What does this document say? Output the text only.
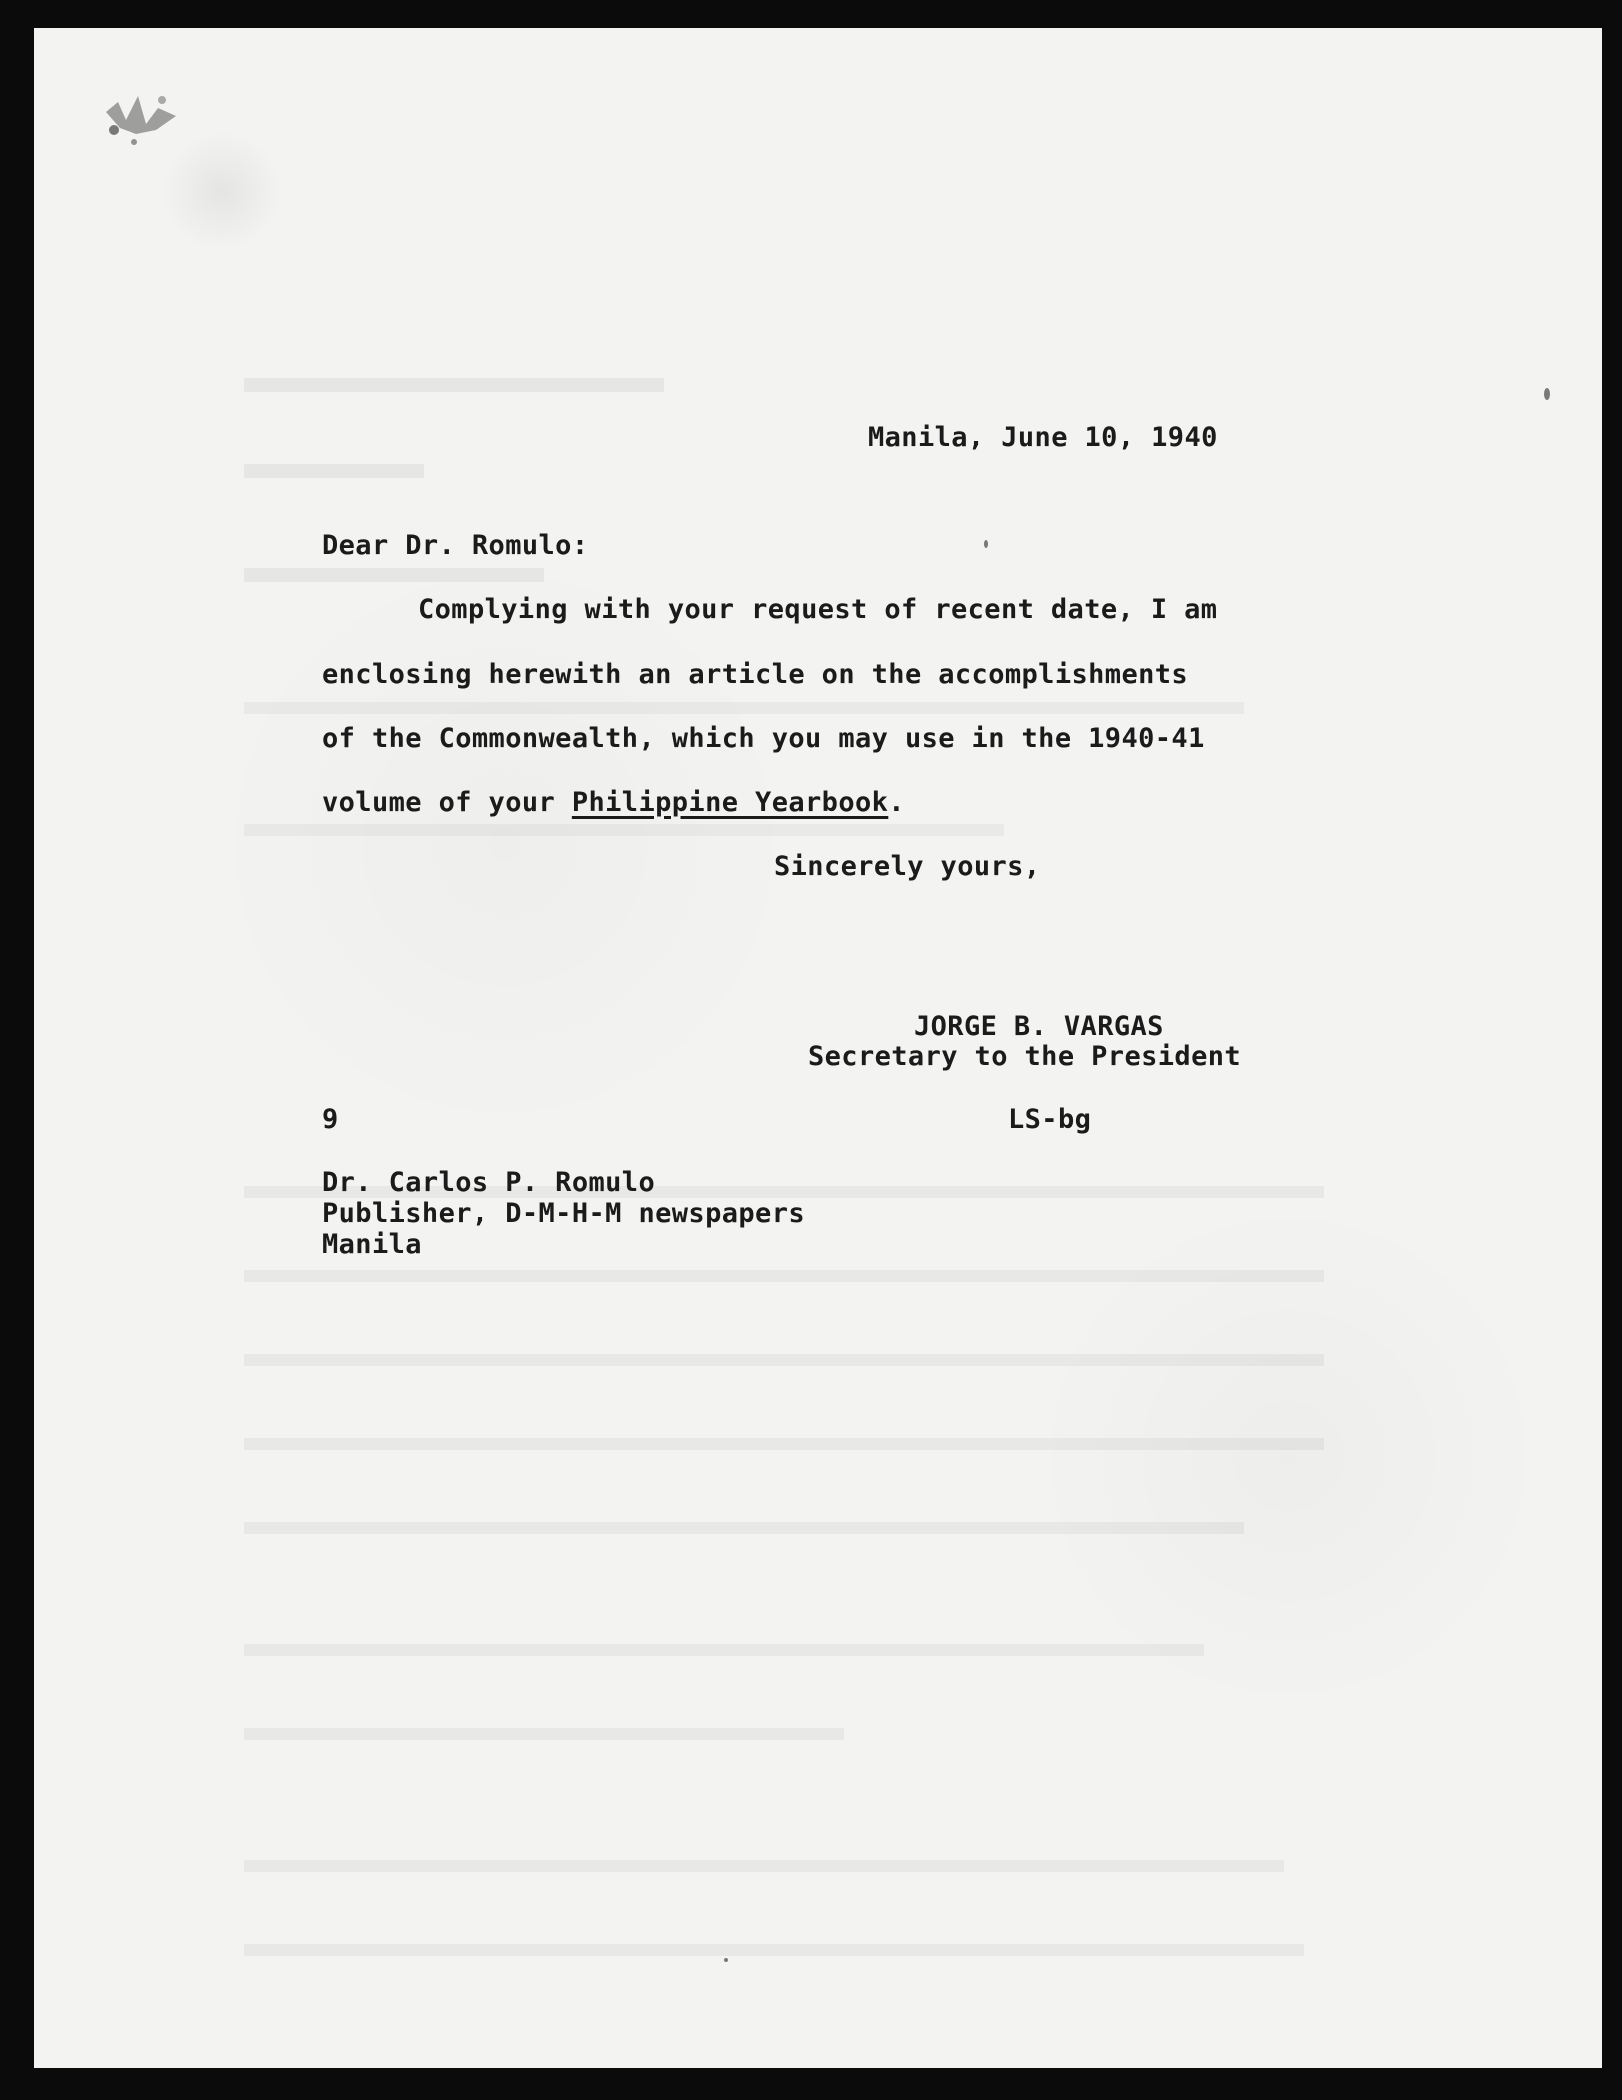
Manila, June 10, 1940
Dear Dr. Romulo:
Complying with your request of recent date, I am
enclosing herewith an article on the accomplishments
of the Commonwealth, which you may use in the 1940-41
volume of your Philippine Yearbook.
Sincerely yours,
JORGE B. VARGAS
Secretary to the President
9	LS-bg
Dr. Carlos P. Romulo
Publisher, D-M-H-M newspapers
Manila
